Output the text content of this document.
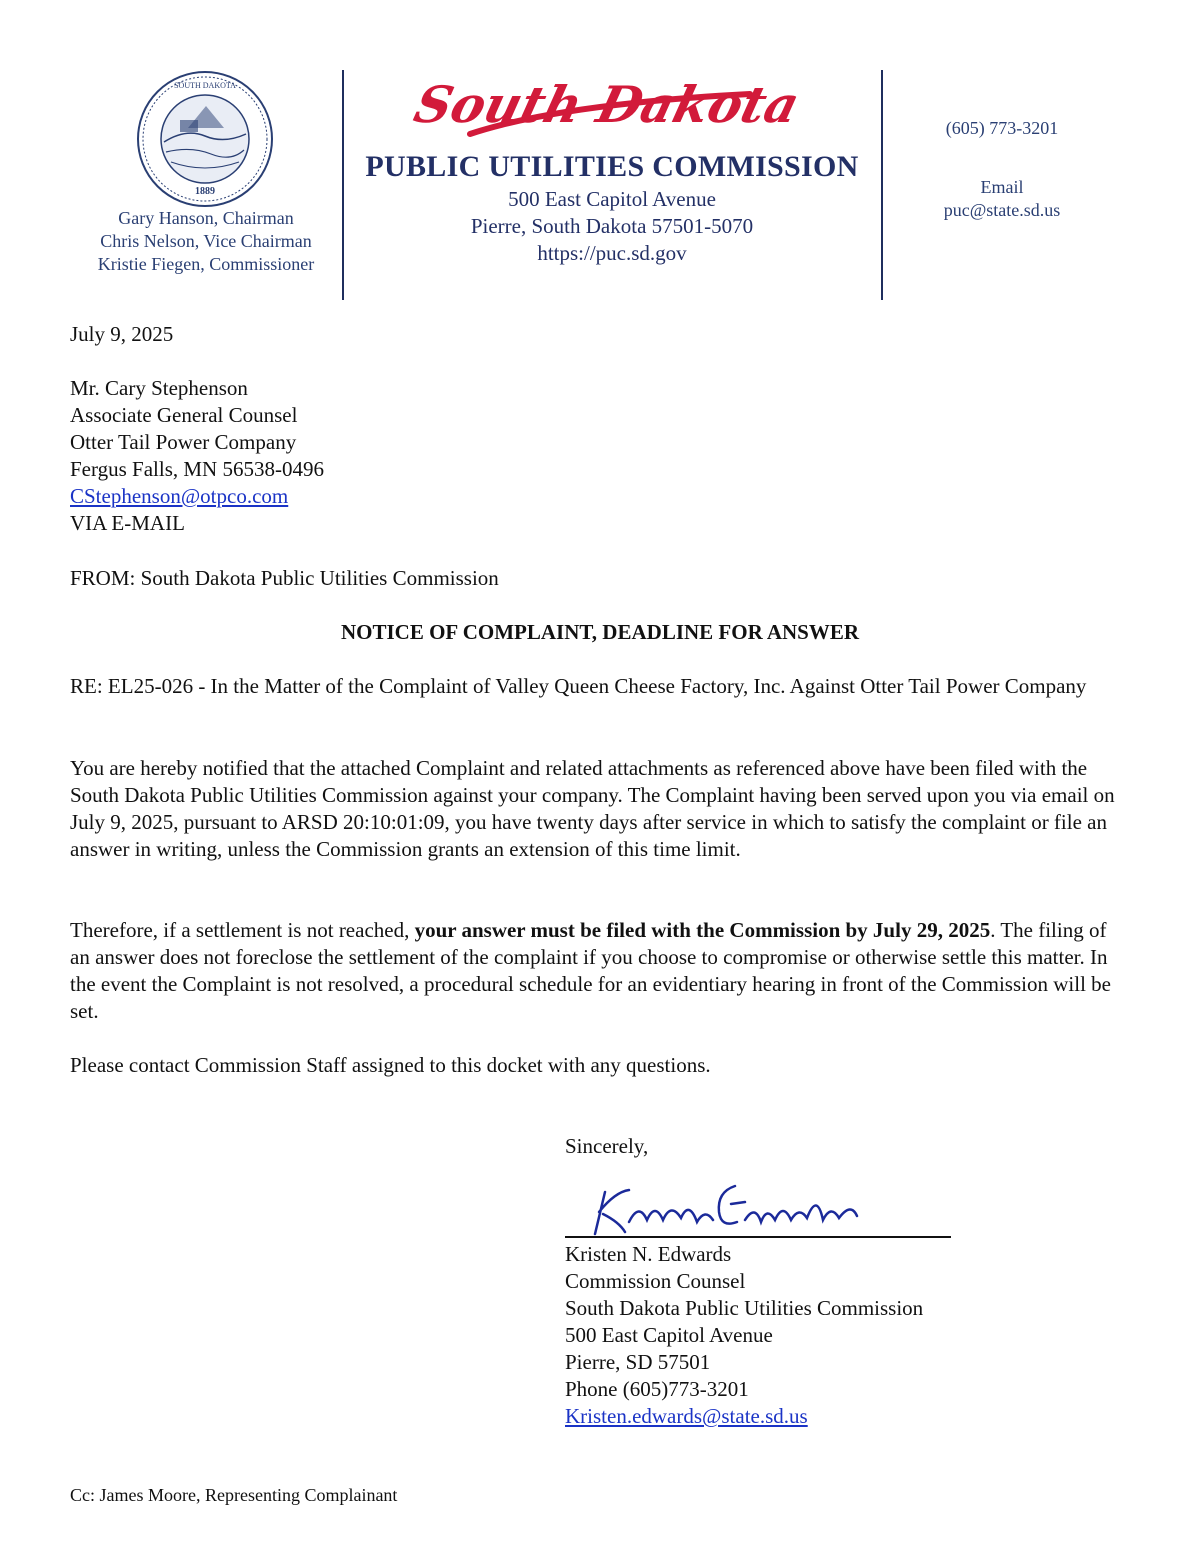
1889
SOUTH DAKOTA
Gary Hanson, Chairman
Chris Nelson, Vice Chairman
Kristie Fiegen, Commissioner
South Dakota
PUBLIC UTILITIES COMMISSION
500 East Capitol Avenue
Pierre, South Dakota 57501-5070
https://puc.sd.gov
(605) 773-3201
Email
puc@state.sd.us
July 9, 2025
Mr. Cary Stephenson
Associate General Counsel
Otter Tail Power Company
Fergus Falls, MN 56538-0496
CStephenson@otpco.com
VIA E-MAIL
FROM: South Dakota Public Utilities Commission
NOTICE OF COMPLAINT, DEADLINE FOR ANSWER
RE: EL25-026 - In the Matter of the Complaint of Valley Queen Cheese Factory, Inc. Against Otter Tail Power Company
You are hereby notified that the attached Complaint and related attachments as referenced above have been filed with the South Dakota Public Utilities Commission against your company. The Complaint having been served upon you via email on July 9, 2025, pursuant to ARSD 20:10:01:09, you have twenty days after service in which to satisfy the complaint or file an answer in writing, unless the Commission grants an extension of this time limit.
Therefore, if a settlement is not reached, your answer must be filed with the Commission by July 29, 2025. The filing of an answer does not foreclose the settlement of the complaint if you choose to compromise or otherwise settle this matter. In the event the Complaint is not resolved, a procedural schedule for an evidentiary hearing in front of the Commission will be set.
Please contact Commission Staff assigned to this docket with any questions.
Sincerely,
Kristen N. Edwards
Commission Counsel
South Dakota Public Utilities Commission
500 East Capitol Avenue
Pierre, SD 57501
Phone (605)773-3201
Kristen.edwards@state.sd.us
Cc: James Moore, Representing Complainant
